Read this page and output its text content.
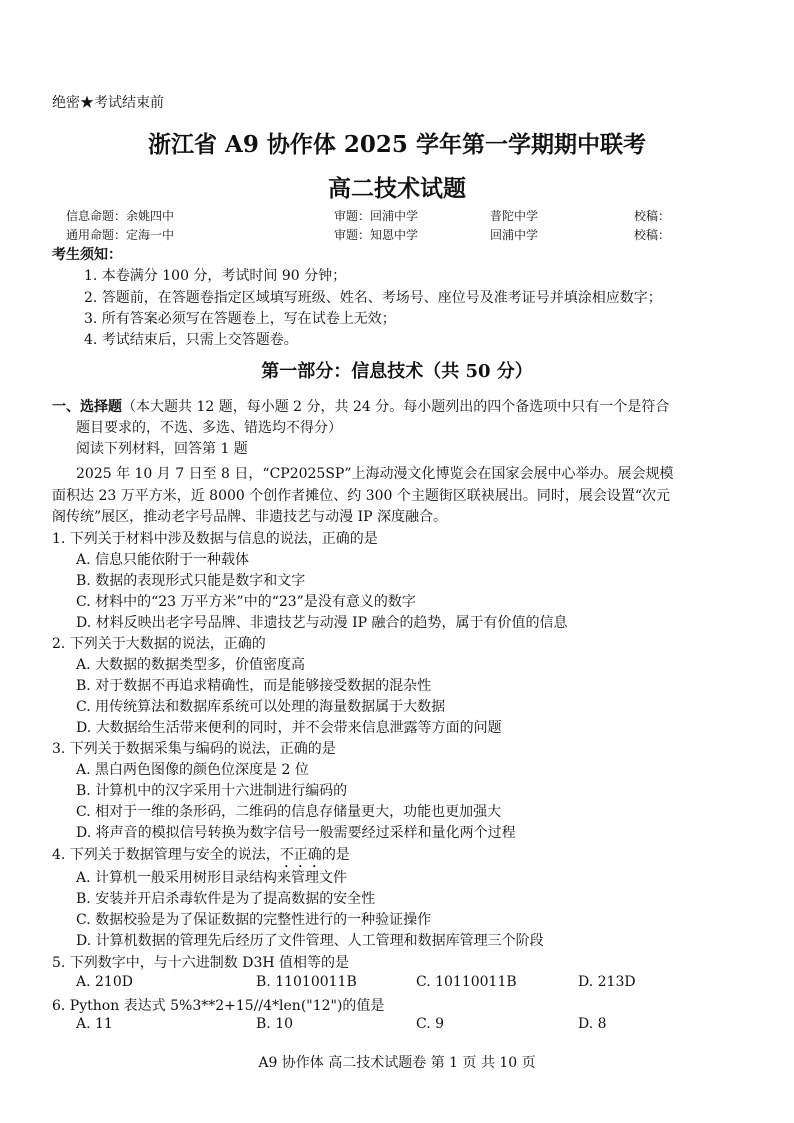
绝密★考试结束前
浙江省 A9 协作体 2025 学年第一学期期中联考
高二技术试题
信息命题：余姚四中	审题：回浦中学	普陀中学	校稿：
通用命题：定海一中	审题：知恩中学	回浦中学	校稿：
考生须知：
1. 本卷满分 100 分，考试时间 90 分钟；
2. 答题前，在答题卷指定区域填写班级、姓名、考场号、座位号及准考证号并填涂相应数字；
3. 所有答案必须写在答题卷上，写在试卷上无效；
4. 考试结束后，只需上交答题卷。
第一部分：信息技术（共 50 分）
一、选择题（本大题共 12 题，每小题 2 分，共 24 分。每小题列出的四个备选项中只有一个是符合
题目要求的，不选、多选、错选均不得分）
阅读下列材料，回答第 1 题
2025 年 10 月 7 日至 8 日，“CP2025SP”上海动漫文化博览会在国家会展中心举办。展会规模
面积达 23 万平方米，近 8000 个创作者摊位、约 300 个主题街区联袂展出。同时，展会设置“次元
阁传统”展区，推动老字号品牌、非遗技艺与动漫 IP 深度融合。
1. 下列关于材料中涉及数据与信息的说法，正确的是
A. 信息只能依附于一种载体
B. 数据的表现形式只能是数字和文字
C. 材料中的“23 万平方米”中的“23”是没有意义的数字
D. 材料反映出老字号品牌、非遗技艺与动漫 IP 融合的趋势，属于有价值的信息
2. 下列关于大数据的说法，正确的
A. 大数据的数据类型多，价值密度高
B. 对于数据不再追求精确性，而是能够接受数据的混杂性
C. 用传统算法和数据库系统可以处理的海量数据属于大数据
D. 大数据给生活带来便利的同时，并不会带来信息泄露等方面的问题
3. 下列关于数据采集与编码的说法，正确的是
A. 黑白两色图像的颜色位深度是 2 位
B. 计算机中的汉字采用十六进制进行编码的
C. 相对于一维的条形码，二维码的信息存储量更大，功能也更加强大
D. 将声音的模拟信号转换为数字信号一般需要经过采样和量化两个过程
4. 下列关于数据管理与安全的说法，不正确的是
A. 计算机一般采用树形目录结构来管理文件
B. 安装并开启杀毒软件是为了提高数据的安全性
C. 数据校验是为了保证数据的完整性进行的一种验证操作
D. 计算机数据的管理先后经历了文件管理、人工管理和数据库管理三个阶段
5. 下列数字中，与十六进制数 D3H 值相等的是
A. 210D	B. 11010011B	C. 10110011B	D. 213D
6. Python 表达式 5%3**2+15//4*len("12")的值是
A. 11	B. 10	C. 9	D. 8
A9 协作体 高二技术试题卷 第 1 页 共 10 页
